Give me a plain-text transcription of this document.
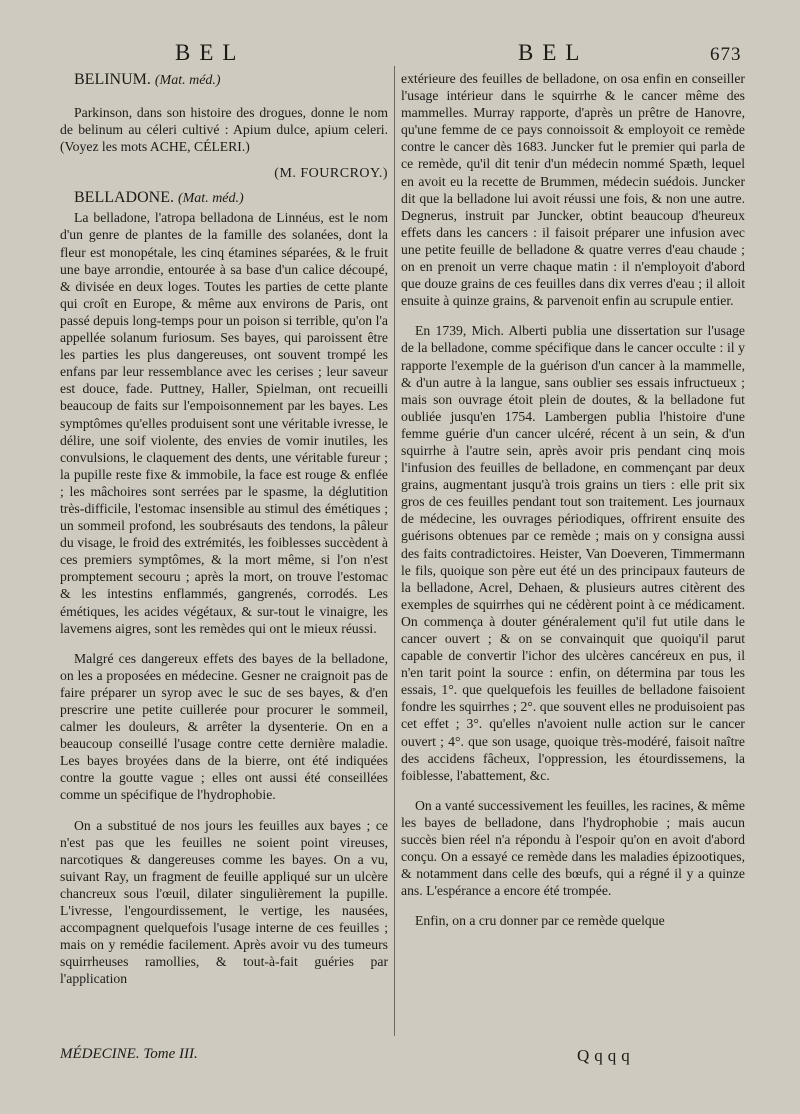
BEL	BEL	673

BELINUM. (Mat. méd.)

Parkinson, dans son histoire des drogues, donne le nom de belinum au céleri cultivé : Apium dulce, apium celeri. (Voyez les mots ACHE, CÉLERI.)

(M. FOURCROY.)

BELLADONE. (Mat. méd.)

La belladone, l'atropa belladona de Linnéus, est le nom d'un genre de plantes de la famille des solanées, dont la fleur est monopétale, les cinq étamines séparées, & le fruit une baye arrondie, entourée à sa base d'un calice découpé, & divisée en deux loges. Toutes les parties de cette plante qui croît en Europe, & même aux environs de Paris, ont passé depuis long-temps pour un poison si terrible, qu'on l'a appellée solanum furiosum. Ses bayes, qui paroissent être les parties les plus dangereuses, ont souvent trompé les enfans par leur ressemblance avec les cerises ; leur saveur est douce, fade. Puttney, Haller, Spielman, ont recueilli beaucoup de faits sur l'empoisonnement par les bayes. Les symptômes qu'elles produisent sont une véritable ivresse, le délire, une soif violente, des envies de vomir inutiles, les convulsions, le claquement des dents, une véritable fureur ; la pupille reste fixe & immobile, la face est rouge & enflée ; les mâchoires sont serrées par le spasme, la déglutition très-difficile, l'estomac insensible au stimul des émétiques ; un sommeil profond, les soubrésauts des tendons, la pâleur du visage, le froid des extrémités, les foiblesses succèdent à ces premiers symptômes, & la mort même, si l'on n'est promptement secouru ; après la mort, on trouve l'estomac & les intestins enflammés, gangrenés, corrodés. Les émétiques, les acides végétaux, & sur-tout le vinaigre, les lavemens aigres, sont les remèdes qui ont le mieux réussi.

Malgré ces dangereux effets des bayes de la belladone, on les a proposées en médecine. Gesner ne craignoit pas de faire préparer un syrop avec le suc de ses bayes, & d'en prescrire une petite cuillerée pour procurer le sommeil, calmer les douleurs, & arrêter la dysenterie. On en a beaucoup conseillé l'usage contre cette dernière maladie. Les bayes broyées dans de la bierre, ont été indiquées contre la goutte vague ; elles ont aussi été conseillées comme un spécifique de l'hydrophobie.

On a substitué de nos jours les feuilles aux bayes ; ce n'est pas que les feuilles ne soient point vireuses, narcotiques & dangereuses comme les bayes. On a vu, suivant Ray, un fragment de feuille appliqué sur un ulcère chancreux sous l'œuil, dilater singulièrement la pupille. L'ivresse, l'engourdissement, le vertige, les nausées, accompagnent quelquefois l'usage interne de ces feuilles ; mais on y remédie facilement. Après avoir vu des tumeurs squirrheuses ramollies, & tout-à-fait guéries par l'application

extérieure des feuilles de belladone, on osa enfin en conseiller l'usage intérieur dans le squirrhe & le cancer même des mammelles. Murray rapporte, d'après un prêtre de Hanovre, qu'une femme de ce pays connoissoit & employoit ce remède contre le cancer dès 1683. Juncker fut le premier qui parla de ce remède, qu'il dit tenir d'un médecin nommé Spæth, lequel en avoit eu la recette de Brummen, médecin suédois. Juncker dit que la belladone lui avoit réussi une fois, & non une autre. Degnerus, instruit par Juncker, obtint beaucoup d'heureux effets dans les cancers : il faisoit préparer une infusion avec une petite feuille de belladone & quatre verres d'eau chaude ; on en prenoit un verre chaque matin : il n'employoit d'abord que douze grains de ces feuilles dans dix verres d'eau ; il alloit ensuite à quinze grains, & parvenoit enfin au scrupule entier.

En 1739, Mich. Alberti publia une dissertation sur l'usage de la belladone, comme spécifique dans le cancer occulte : il y rapporte l'exemple de la guérison d'un cancer à la mammelle, & d'un autre à la langue, sans oublier ses essais infructueux ; mais son ouvrage étoit plein de doutes, & la belladone fut oubliée jusqu'en 1754. Lambergen publia l'histoire d'une femme guérie d'un cancer ulcéré, récent à un sein, & d'un squirrhe à l'autre sein, après avoir pris pendant cinq mois l'infusion des feuilles de belladone, en commençant par deux grains, augmentant jusqu'à trois grains un tiers : elle prit six gros de ces feuilles pendant tout son traitement. Les journaux de médecine, les ouvrages périodiques, offrirent ensuite des guérisons obtenues par ce remède ; mais on y consigna aussi des faits contradictoires. Heister, Van Doeveren, Timmermann le fils, quoique son père eut été un des principaux fauteurs de la belladone, Acrel, Dehaen, & plusieurs autres citèrent des exemples de squirrhes qui ne cédèrent point à ce médicament. On commença à douter généralement qu'il fut utile dans le cancer ouvert ; & on se convainquit que quoiqu'il parut capable de convertir l'ichor des ulcères cancéreux en pus, il n'en tarit point la source : enfin, on détermina par tous les essais, 1°. que quelquefois les feuilles de belladone faisoient fondre les squirrhes ; 2°. que souvent elles ne produisoient pas cet effet ; 3°. qu'elles n'avoient nulle action sur le cancer ouvert ; 4°. que son usage, quoique très-modéré, faisoit naître des accidens fâcheux, l'oppression, les étourdissemens, la foiblesse, l'abattement, &c.

On a vanté successivement les feuilles, les racines, & même les bayes de belladone, dans l'hydrophobie ; mais aucun succès bien réel n'a répondu à l'espoir qu'on en avoit d'abord conçu. On a essayé ce remède dans les maladies épizootiques, & notamment dans celle des bœufs, qui a régné il y a quinze ans. L'espérance a encore été trompée.

Enfin, on a cru donner par ce remède quelque

MÉDECINE. Tome III.	Qqqq
